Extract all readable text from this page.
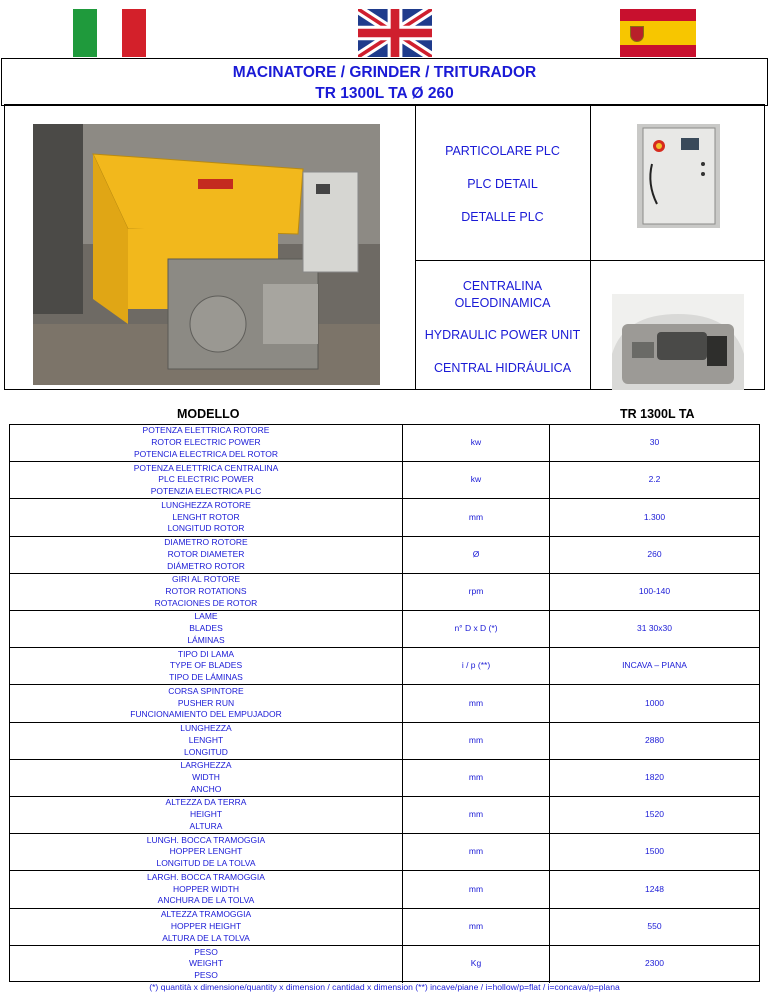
MACINATORE / GRINDER / TRITURADOR
TR 1300L TA Ø 260

PARTICOLARE PLC

PLC DETAIL

DETALLE PLC

CENTRALINA

OLEODINAMICA

HYDRAULIC POWER UNIT

CENTRAL HIDRÁULICA

MODELLO	TR 1300L TA
POTENZA ELETTRICA ROTORE
ROTOR ELECTRIC POWER
POTENCIA ELECTRICA DEL ROTOR
kw	30
POTENZA ELETTRICA CENTRALINA
PLC ELECTRIC POWER
POTENZIA ELECTRICA PLC
kw	2.2
LUNGHEZZA ROTORE
LENGHT ROTOR
LONGITUD ROTOR
mm	1.300
DIAMETRO ROTORE
ROTOR DIAMETER
DIÁMETRO ROTOR
Ø	260
GIRI AL ROTORE
ROTOR ROTATIONS
ROTACIONES DE ROTOR
rpm	100-140
LAME
BLADES
LÁMINAS
n° D x D (*)	31 30x30
TIPO DI LAMA
TYPE OF BLADES
TIPO DE LÁMINAS
i / p (**)	INCAVA – PIANA
CORSA SPINTORE
PUSHER RUN
FUNCIONAMIENTO DEL EMPUJADOR
mm	1000
LUNGHEZZA
LENGHT
LONGITUD
mm	2880
LARGHEZZA
WIDTH
ANCHO
mm	1820
ALTEZZA DA TERRA
HEIGHT
ALTURA
mm	1520
LUNGH. BOCCA TRAMOGGIA
HOPPER LENGHT
LONGITUD DE LA TOLVA
mm	1500
LARGH. BOCCA TRAMOGGIA
HOPPER WIDTH
ANCHURA DE LA TOLVA
mm	1248
ALTEZZA TRAMOGGIA
HOPPER HEIGHT
ALTURA DE LA TOLVA
mm	550
PESO
WEIGHT
PESO
Kg	2300
(*) quantità x dimensione/quantity x dimension / cantidad x dimension (**) incave/piane / i=hollow/p=flat / i=concava/p=plana
